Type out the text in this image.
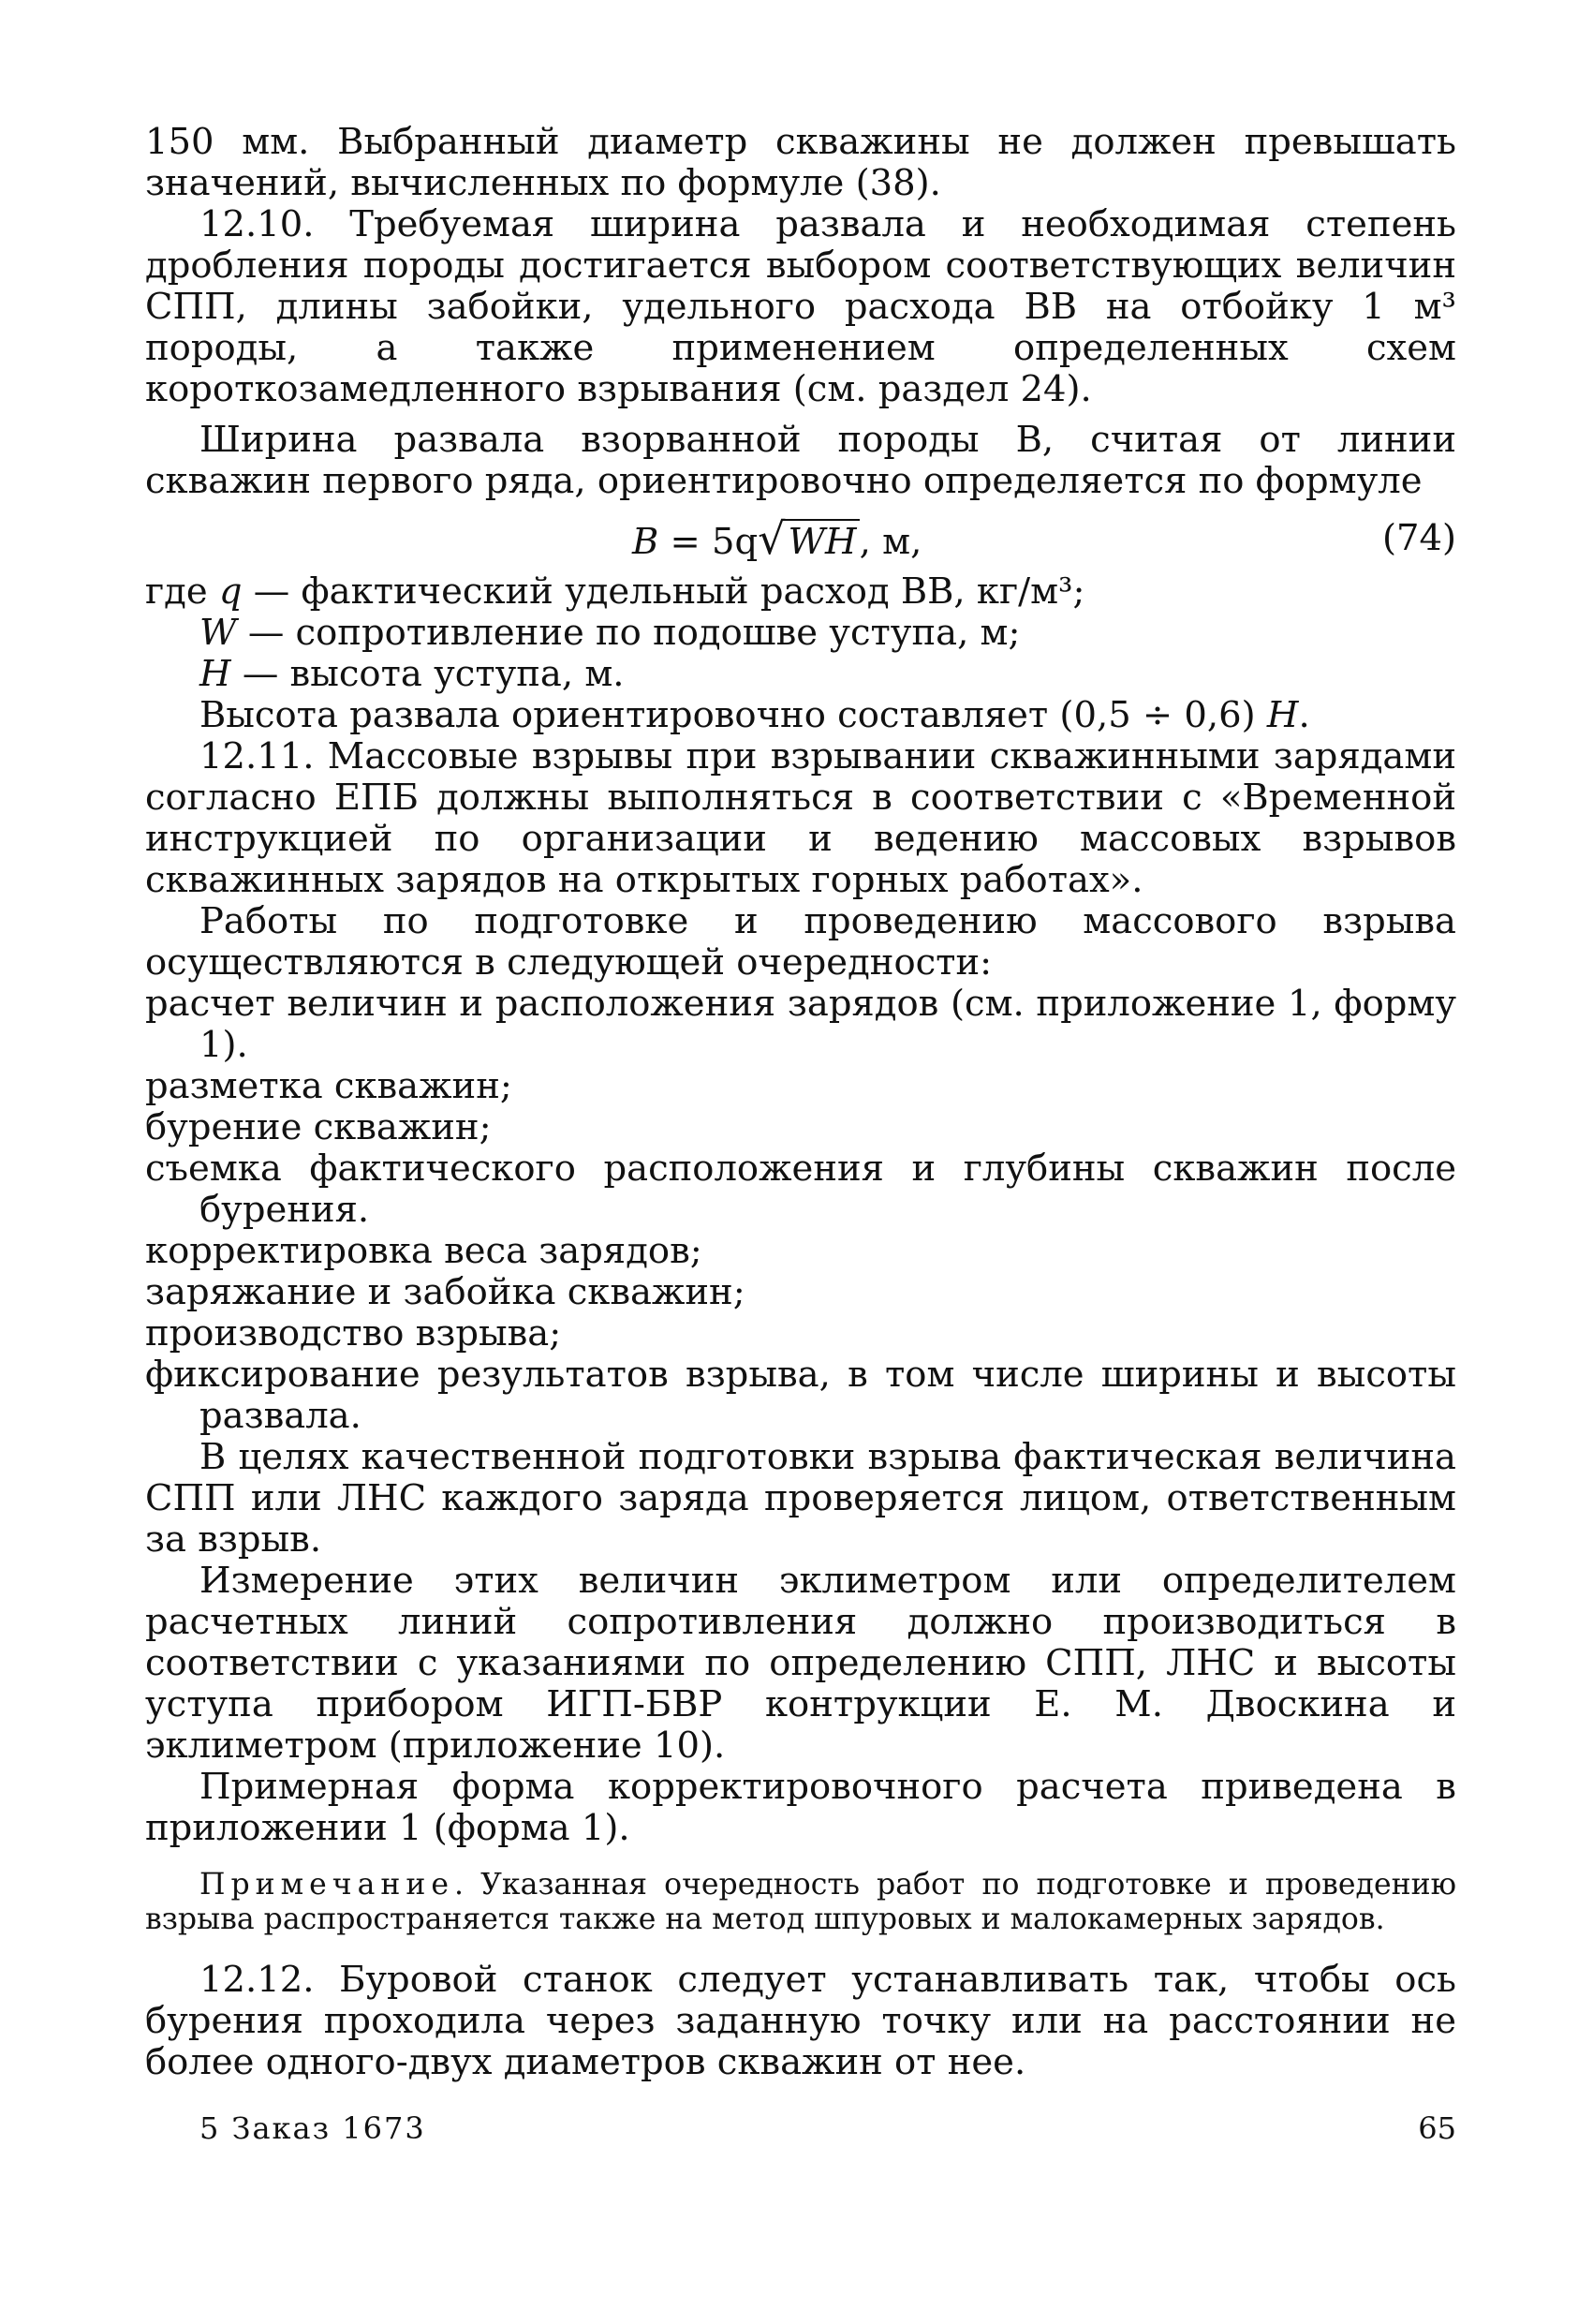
150 мм. Выбранный диаметр скважины не должен превышать значений, вычисленных по формуле (38).

12.10. Требуемая ширина развала и необходимая степень дробления породы достигается выбором соответствующих величин СПП, длины забойки, удельного расхода ВВ на отбойку 1 м³ породы, а также применением определенных схем короткозамедленного взрывания (см. раздел 24).

Ширина развала взорванной породы B, считая от линии скважин первого ряда, ориентировочно определяется по формуле

B = 5q√WH, м,	(74)

где q — фактический удельный расход ВВ, кг/м³;

W — сопротивление по подошве уступа, м;

H — высота уступа, м.

Высота развала ориентировочно составляет (0,5 ÷ 0,6) H.

12.11. Массовые взрывы при взрывании скважинными зарядами согласно ЕПБ должны выполняться в соответствии с «Временной инструкцией по организации и ведению массовых взрывов скважинных зарядов на открытых горных работах».

Работы по подготовке и проведению массового взрыва осуществляются в следующей очередности:

расчет величин и расположения зарядов (см. приложение 1, форму 1).

разметка скважин;

бурение скважин;

съемка фактического расположения и глубины скважин после бурения.

корректировка веса зарядов;

заряжание и забойка скважин;

производство взрыва;

фиксирование результатов взрыва, в том числе ширины и высоты развала.

В целях качественной подготовки взрыва фактическая величина СПП или ЛНС каждого заряда проверяется лицом, ответственным за взрыв.

Измерение этих величин эклиметром или определителем расчетных линий сопротивления должно производиться в соответствии с указаниями по определению СПП, ЛНС и высоты уступа прибором ИГП-БВР контрукции Е. М. Двоскина и эклиметром (приложение 10).

Примерная форма корректировочного расчета приведена в приложении 1 (форма 1).

Примечание. Указанная очередность работ по подготовке и проведению взрыва распространяется также на метод шпуровых и малокамерных зарядов.

12.12. Буровой станок следует устанавливать так, чтобы ось бурения проходила через заданную точку или на расстоянии не более одного-двух диаметров скважин от нее.

5 Заказ 1673	65
